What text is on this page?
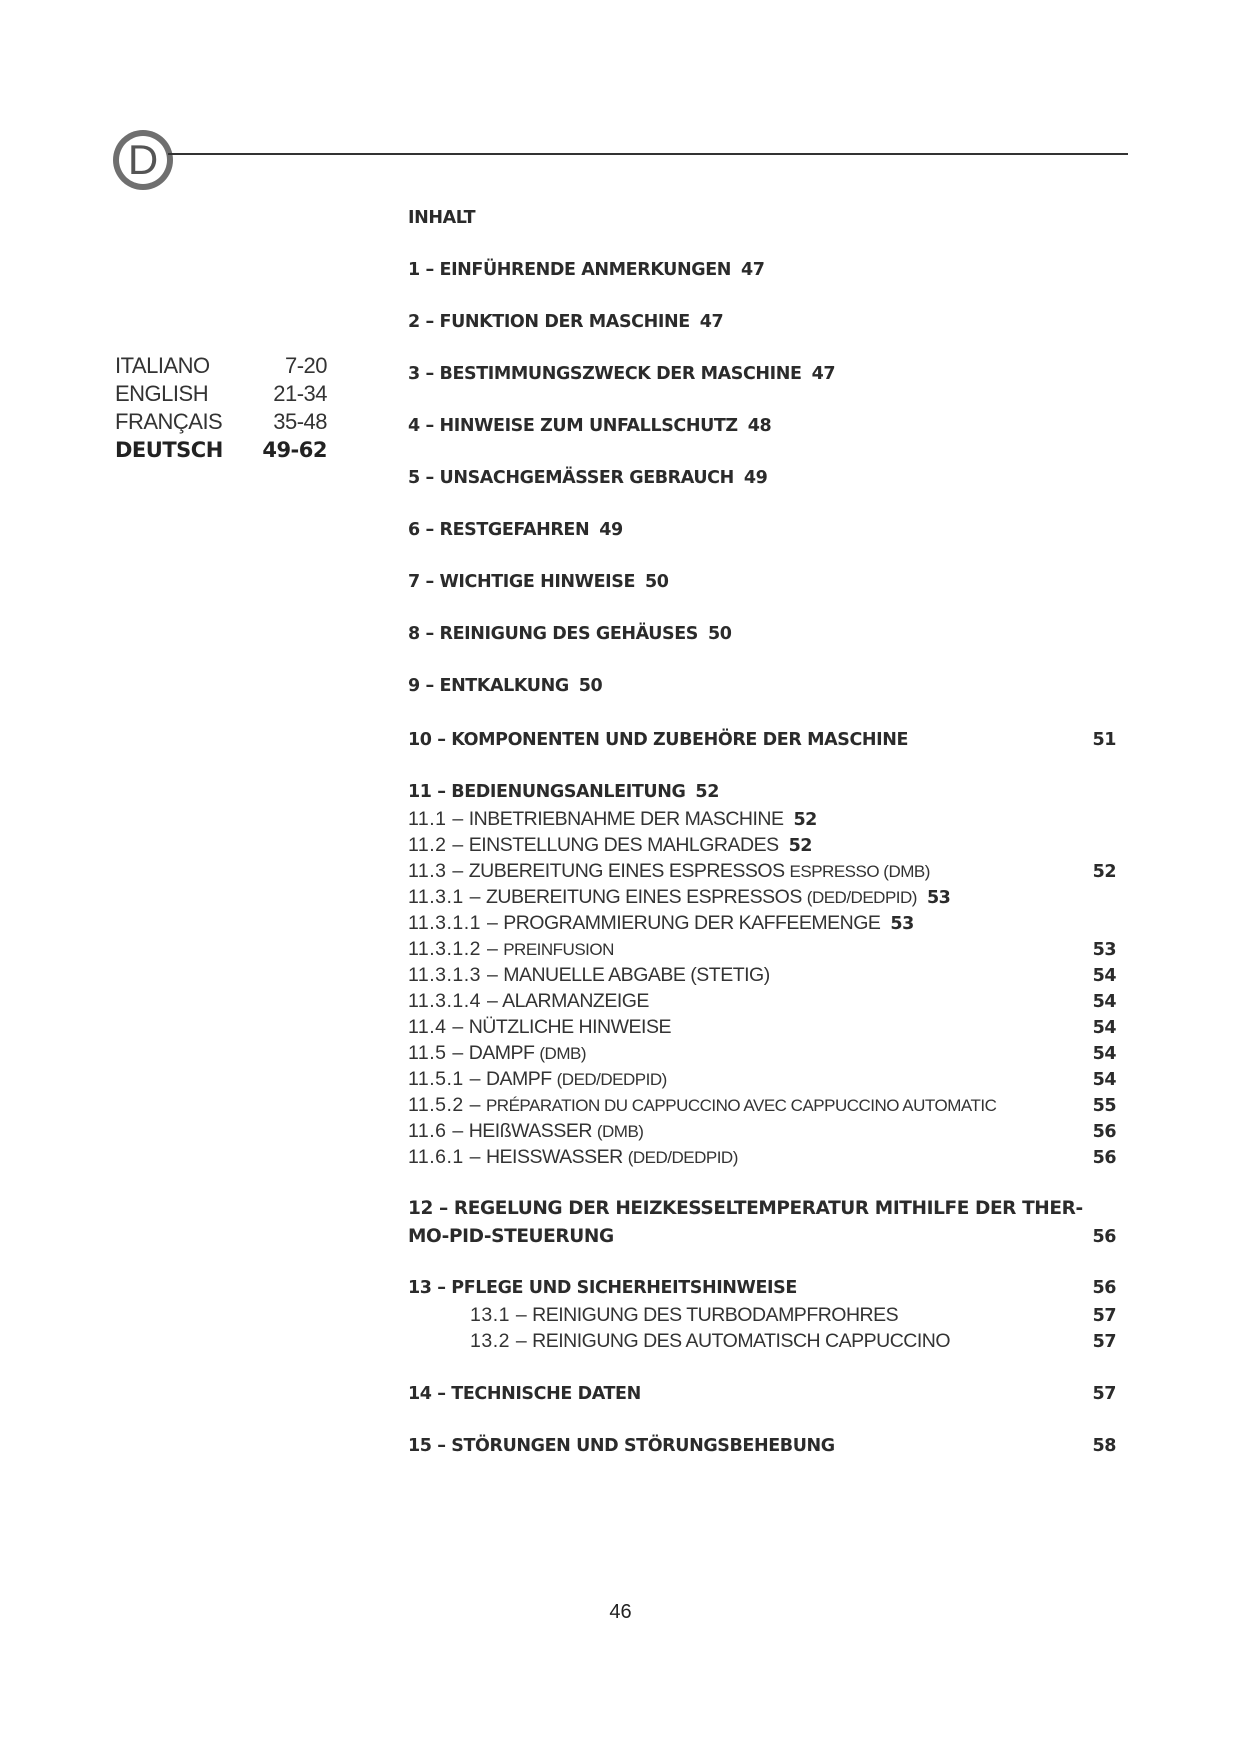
D
ITALIANO	7-20
ENGLISH	21-34
FRANÇAIS 35-48
DEUTSCH 49-62
INHALT
1 – EINFÜHRENDE ANMERKUNGEN 47
2 – FUNKTION DER MASCHINE 47
3 – BESTIMMUNGSZWECK DER MASCHINE 47
4 – HINWEISE ZUM UNFALLSCHUTZ 48
5 – UNSACHGEMÄSSER GEBRAUCH 49
6 – RESTGEFAHREN 49
7 – WICHTIGE HINWEISE 50
8 – REINIGUNG DES GEHÄUSES 50
9 – ENTKALKUNG 50
10 – KOMPONENTEN UND ZUBEHÖRE DER MASCHINE	51
11 – BEDIENUNGSANLEITUNG 52
11.1 – INBETRIEBNAHME DER MASCHINE 52
11.2 – EINSTELLUNG DES MAHLGRADES 52
11.3 – ZUBEREITUNG EINES ESPRESSOS ESPRESSO (DMB)	52
11.3.1 – ZUBEREITUNG EINES ESPRESSOS (DED/DEDPID) 53
11.3.1.1 – PROGRAMMIERUNG DER KAFFEEMENGE 53
11.3.1.2 – PREINFUSION	53
11.3.1.3 – MANUELLE ABGABE (STETIG)	54
11.3.1.4 – ALARMANZEIGE	54
11.4 – NÜTZLICHE HINWEISE	54
11.5 – DAMPF (DMB)	54
11.5.1 – DAMPF (DED/DEDPID)	54
11.5.2 – PRÉPARATION DU CAPPUCCINO AVEC CAPPUCCINO AUTOMATIC	55
11.6 – HEIßWASSER (DMB)	56
11.6.1 – HEISSWASSER (DED/DEDPID)	56
12 – REGELUNG DER HEIZKESSELTEMPERATUR MITHILFE DER THER-
MO-PID-STEUERUNG	56
13 – PFLEGE UND SICHERHEITSHINWEISE	56
13.1 – REINIGUNG DES TURBODAMPFROHRES	57
13.2 – REINIGUNG DES AUTOMATISCH CAPPUCCINO	57
14 – TECHNISCHE DATEN	57
15 – STÖRUNGEN UND STÖRUNGSBEHEBUNG	58
46
